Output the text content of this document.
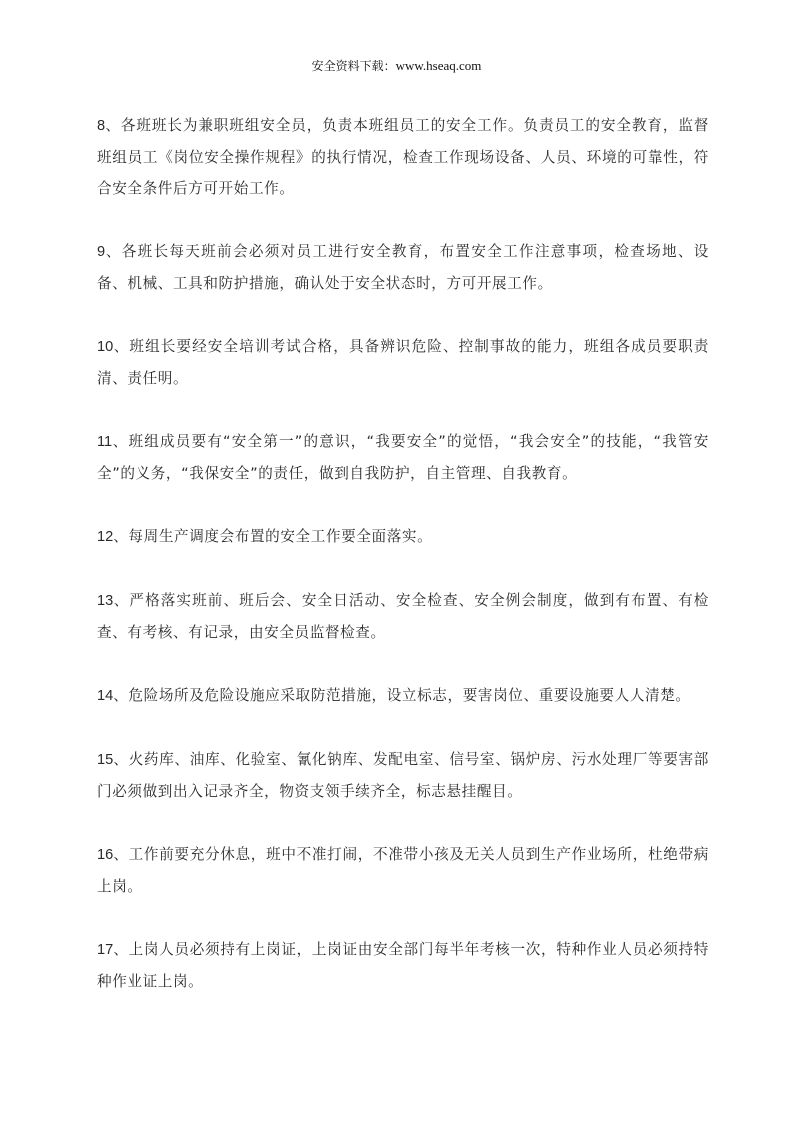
安全资料下载：www.hseaq.com

8、各班班长为兼职班组安全员，负责本班组员工的安全工作。负责员工的安全教育，监督班组员工《岗位安全操作规程》的执行情况，检查工作现场设备、人员、环境的可靠性，符合安全条件后方可开始工作。

9、各班长每天班前会必须对员工进行安全教育，布置安全工作注意事项，检查场地、设备、机械、工具和防护措施，确认处于安全状态时，方可开展工作。

10、班组长要经安全培训考试合格，具备辨识危险、控制事故的能力，班组各成员要职责清、责任明。

11、班组成员要有“安全第一”的意识，“我要安全”的觉悟，“我会安全”的技能，“我管安全”的义务，“我保安全”的责任，做到自我防护，自主管理、自我教育。

12、每周生产调度会布置的安全工作要全面落实。

13、严格落实班前、班后会、安全日活动、安全检查、安全例会制度，做到有布置、有检查、有考核、有记录，由安全员监督检查。

14、危险场所及危险设施应采取防范措施，设立标志，要害岗位、重要设施要人人清楚。

15、火药库、油库、化验室、氰化钠库、发配电室、信号室、锅炉房、污水处理厂等要害部门必须做到出入记录齐全，物资支领手续齐全，标志悬挂醒目。

16、工作前要充分休息，班中不准打闹，不准带小孩及无关人员到生产作业场所，杜绝带病上岗。

17、上岗人员必须持有上岗证，上岗证由安全部门每半年考核一次，特种作业人员必须持特种作业证上岗。
